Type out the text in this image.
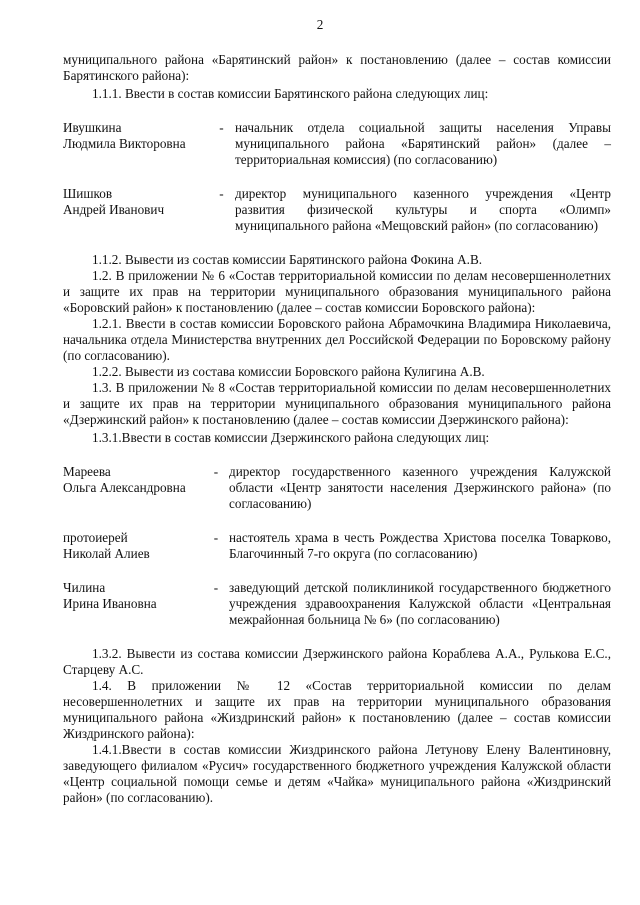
2

муниципального района «Барятинский район» к постановлению (далее – состав комиссии Барятинского района):

1.1.1. Ввести в состав комиссии Барятинского района следующих лиц:

Ивушкина
Людмила Викторовна
- начальник отдела социальной защиты населения Управы муниципального района «Барятинский район» (далее – территориальная комиссия) (по согласованию)
Шишков
Андрей Иванович
- директор муниципального казенного учреждения «Центр развития физической культуры и спорта «Олимп» муниципального района «Мещовский район» (по согласованию)

1.1.2. Вывести из состав комиссии Барятинского района Фокина А.В.

1.2. В приложении № 6 «Состав территориальной комиссии по делам несовершеннолетних и защите их прав на территории муниципального образования муниципального района «Боровский район» к постановлению (далее – состав комиссии Боровского района):

1.2.1. Ввести в состав комиссии Боровского района Абрамочкина Владимира Николаевича, начальника отдела Министерства внутренних дел Российской Федерации по Боровскому району (по согласованию).

1.2.2. Вывести из состава комиссии Боровского района Кулигина А.В.

1.3. В приложении № 8 «Состав территориальной комиссии по делам несовершеннолетних и защите их прав на территории муниципального образования муниципального района «Дзержинский район» к постановлению (далее – состав комиссии Дзержинского района):

1.3.1.Ввести в состав комиссии Дзержинского района следующих лиц:

Мареева
Ольга Александровна
- директор государственного казенного учреждения Калужской области «Центр занятости населения Дзержинского района» (по согласованию)
протоиерей
Николай Алиев
- настоятель храма в честь Рождества Христова поселка Товарково, Благочинный 7-го округа (по согласованию)
Чилина
Ирина Ивановна
- заведующий детской поликлиникой государственного бюджетного учреждения здравоохранения Калужской области «Центральная межрайонная больница № 6» (по согласованию)

1.3.2. Вывести из состава комиссии Дзержинского района Кораблева А.А., Рулькова Е.С., Старцеву А.С.

1.4. В приложении № 12 «Состав территориальной комиссии по делам несовершеннолетних и защите их прав на территории муниципального образования муниципального района «Жиздринский район» к постановлению (далее – состав комиссии Жиздринского района):

1.4.1.Ввести в состав комиссии Жиздринского района Летунову Елену Валентиновну, заведующего филиалом «Русич» государственного бюджетного учреждения Калужской области «Центр социальной помощи семье и детям «Чайка» муниципального района «Жиздринский район» (по согласованию).
